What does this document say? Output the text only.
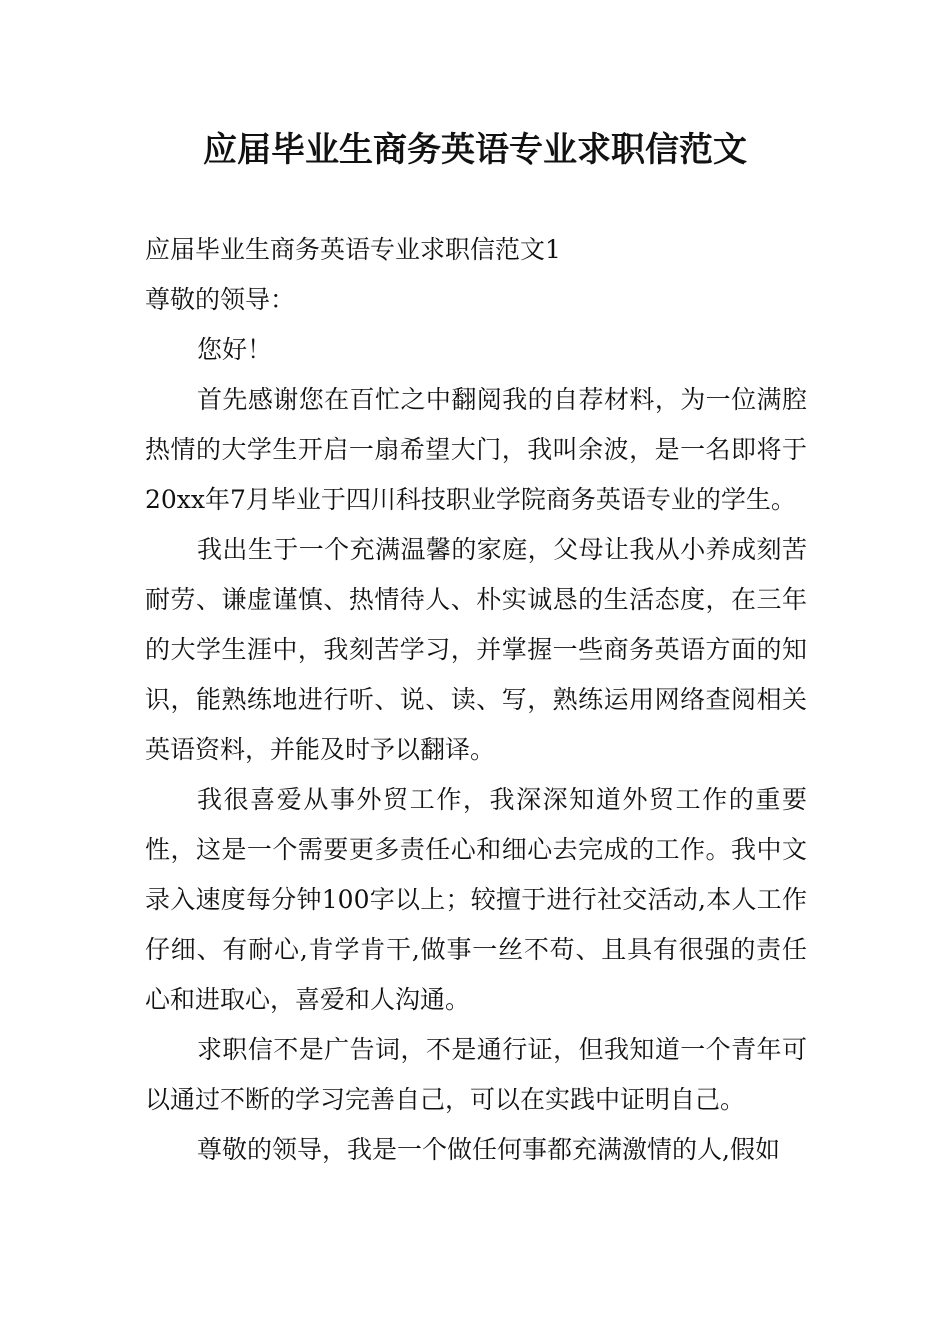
应届毕业生商务英语专业求职信范文

应届毕业生商务英语专业求职信范文1

尊敬的领导：

您好！

首先感谢您在百忙之中翻阅我的自荐材料，为一位满腔热情的大学生开启一扇希望大门，我叫余波，是一名即将于20xx年7月毕业于四川科技职业学院商务英语专业的学生。

我出生于一个充满温馨的家庭，父母让我从小养成刻苦耐劳、谦虚谨慎、热情待人、朴实诚恳的生活态度，在三年的大学生涯中，我刻苦学习，并掌握一些商务英语方面的知识，能熟练地进行听、说、读、写，熟练运用网络查阅相关英语资料，并能及时予以翻译。

我很喜爱从事外贸工作，我深深知道外贸工作的重要性，这是一个需要更多责任心和细心去完成的工作。我中文录入速度每分钟100字以上；较擅于进行社交活动,本人工作仔细、有耐心,肯学肯干,做事一丝不苟、且具有很强的责任心和进取心，喜爱和人沟通。

求职信不是广告词，不是通行证，但我知道一个青年可以通过不断的学习完善自己，可以在实践中证明自己。

尊敬的领导，我是一个做任何事都充满激情的人,假如
